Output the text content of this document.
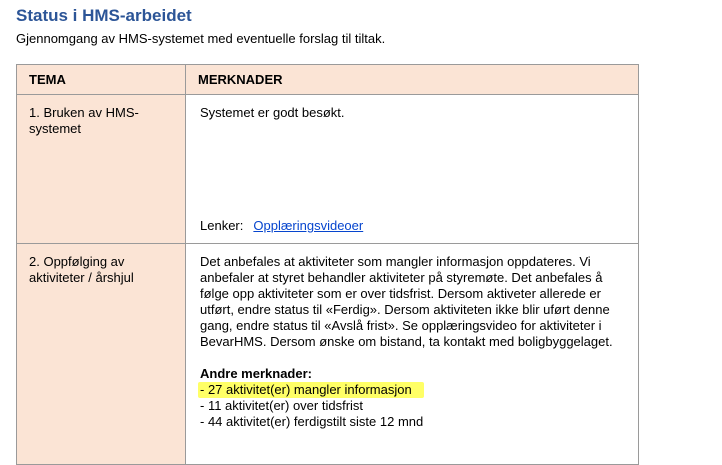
Status i HMS-arbeidet
Gjennomgang av HMS-systemet med eventuelle forslag til tiltak.
TEMA	MERKNADER
1. Bruken av HMS-systemet	Systemet er godt besøkt.
Lenker: Opplæringsvideoer

2. Oppfølging av aktiviteter / årshjul	Det anbefales at aktiviteter som mangler informasjon oppdateres. Vi anbefaler at styret behandler aktiviteter på styremøte. Det anbefales å følge opp aktiviteter som er over tidsfrist. Dersom aktiveter allerede er utført, endre status til «Ferdig». Dersom aktiviteten ikke blir uført denne gang, endre status til «Avslå frist». Se opplæringsvideo for aktiviteter i BevarHMS. Dersom ønske om bistand, ta kontakt med boligbyggelaget.
Andre merknader:
- 27 aktivitet(er) mangler informasjon
- 11 aktivitet(er) over tidsfrist
- 44 aktivitet(er) ferdigstilt siste 12 mnd
